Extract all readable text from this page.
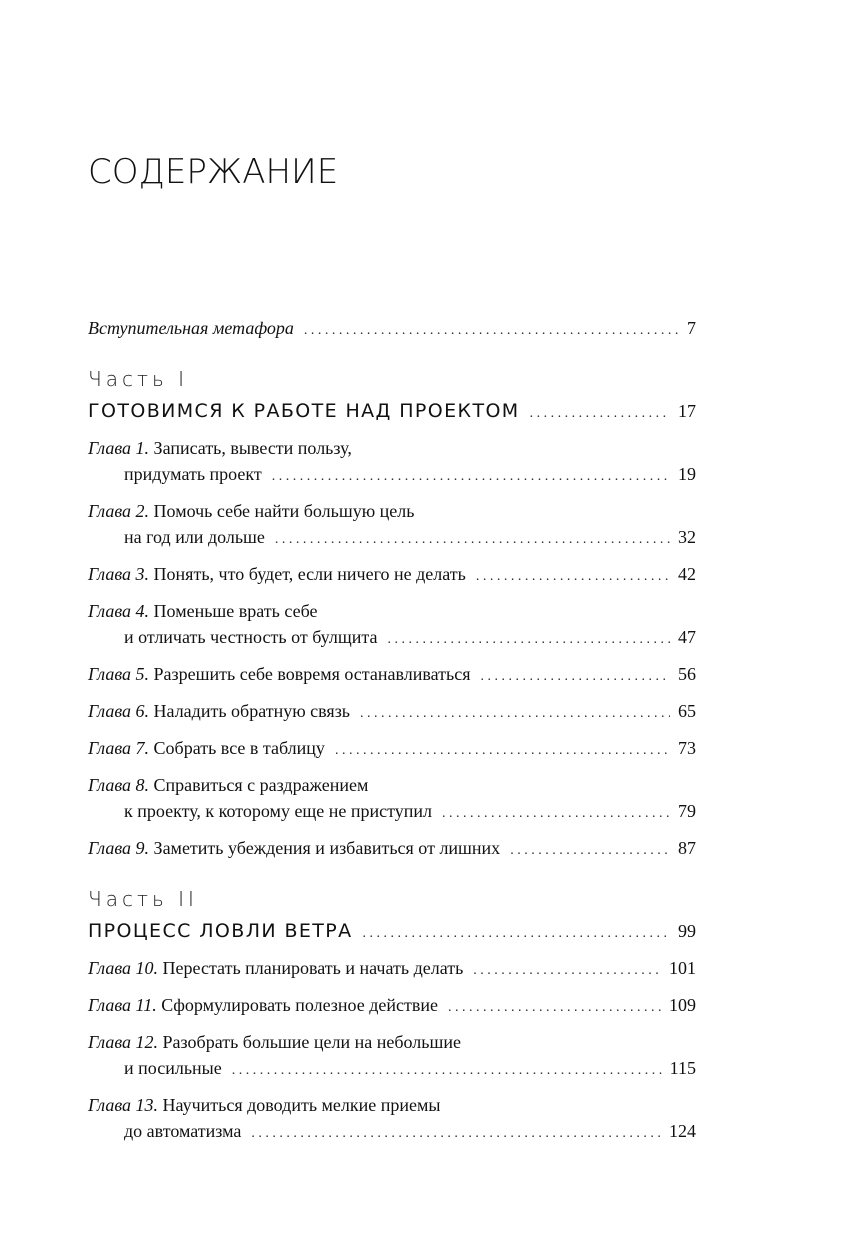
СОДЕРЖАНИЕ
Вступительная метафора . . .	7
Часть I
ГОТОВИМСЯ К РАБОТЕ НАД ПРОЕКТОМ . . .	17
Глава 1. Записать, вывести пользу,
придумать проект . . .	19
Глава 2. Помочь себе найти большую цель
на год или дольше . . .	32
Глава 3. Понять, что будет, если ничего не делать . . .	42
Глава 4. Поменьше врать себе
и отличать честность от булщита . . .	47
Глава 5. Разрешить себе вовремя останавливаться . . .	56
Глава 6. Наладить обратную связь . . .	65
Глава 7. Собрать все в таблицу . . .	73
Глава 8. Справиться с раздражением
к проекту, к которому еще не приступил . . .	79
Глава 9. Заметить убеждения и избавиться от лишних . . .	87
Часть II
ПРОЦЕСС ЛОВЛИ ВЕТРА . . .	99
Глава 10. Перестать планировать и начать делать . . .	101
Глава 11. Сформулировать полезное действие . . .	109
Глава 12. Разобрать большие цели на небольшие
и посильные . . .	115
Глава 13. Научиться доводить мелкие приемы
до автоматизма . . .	124
